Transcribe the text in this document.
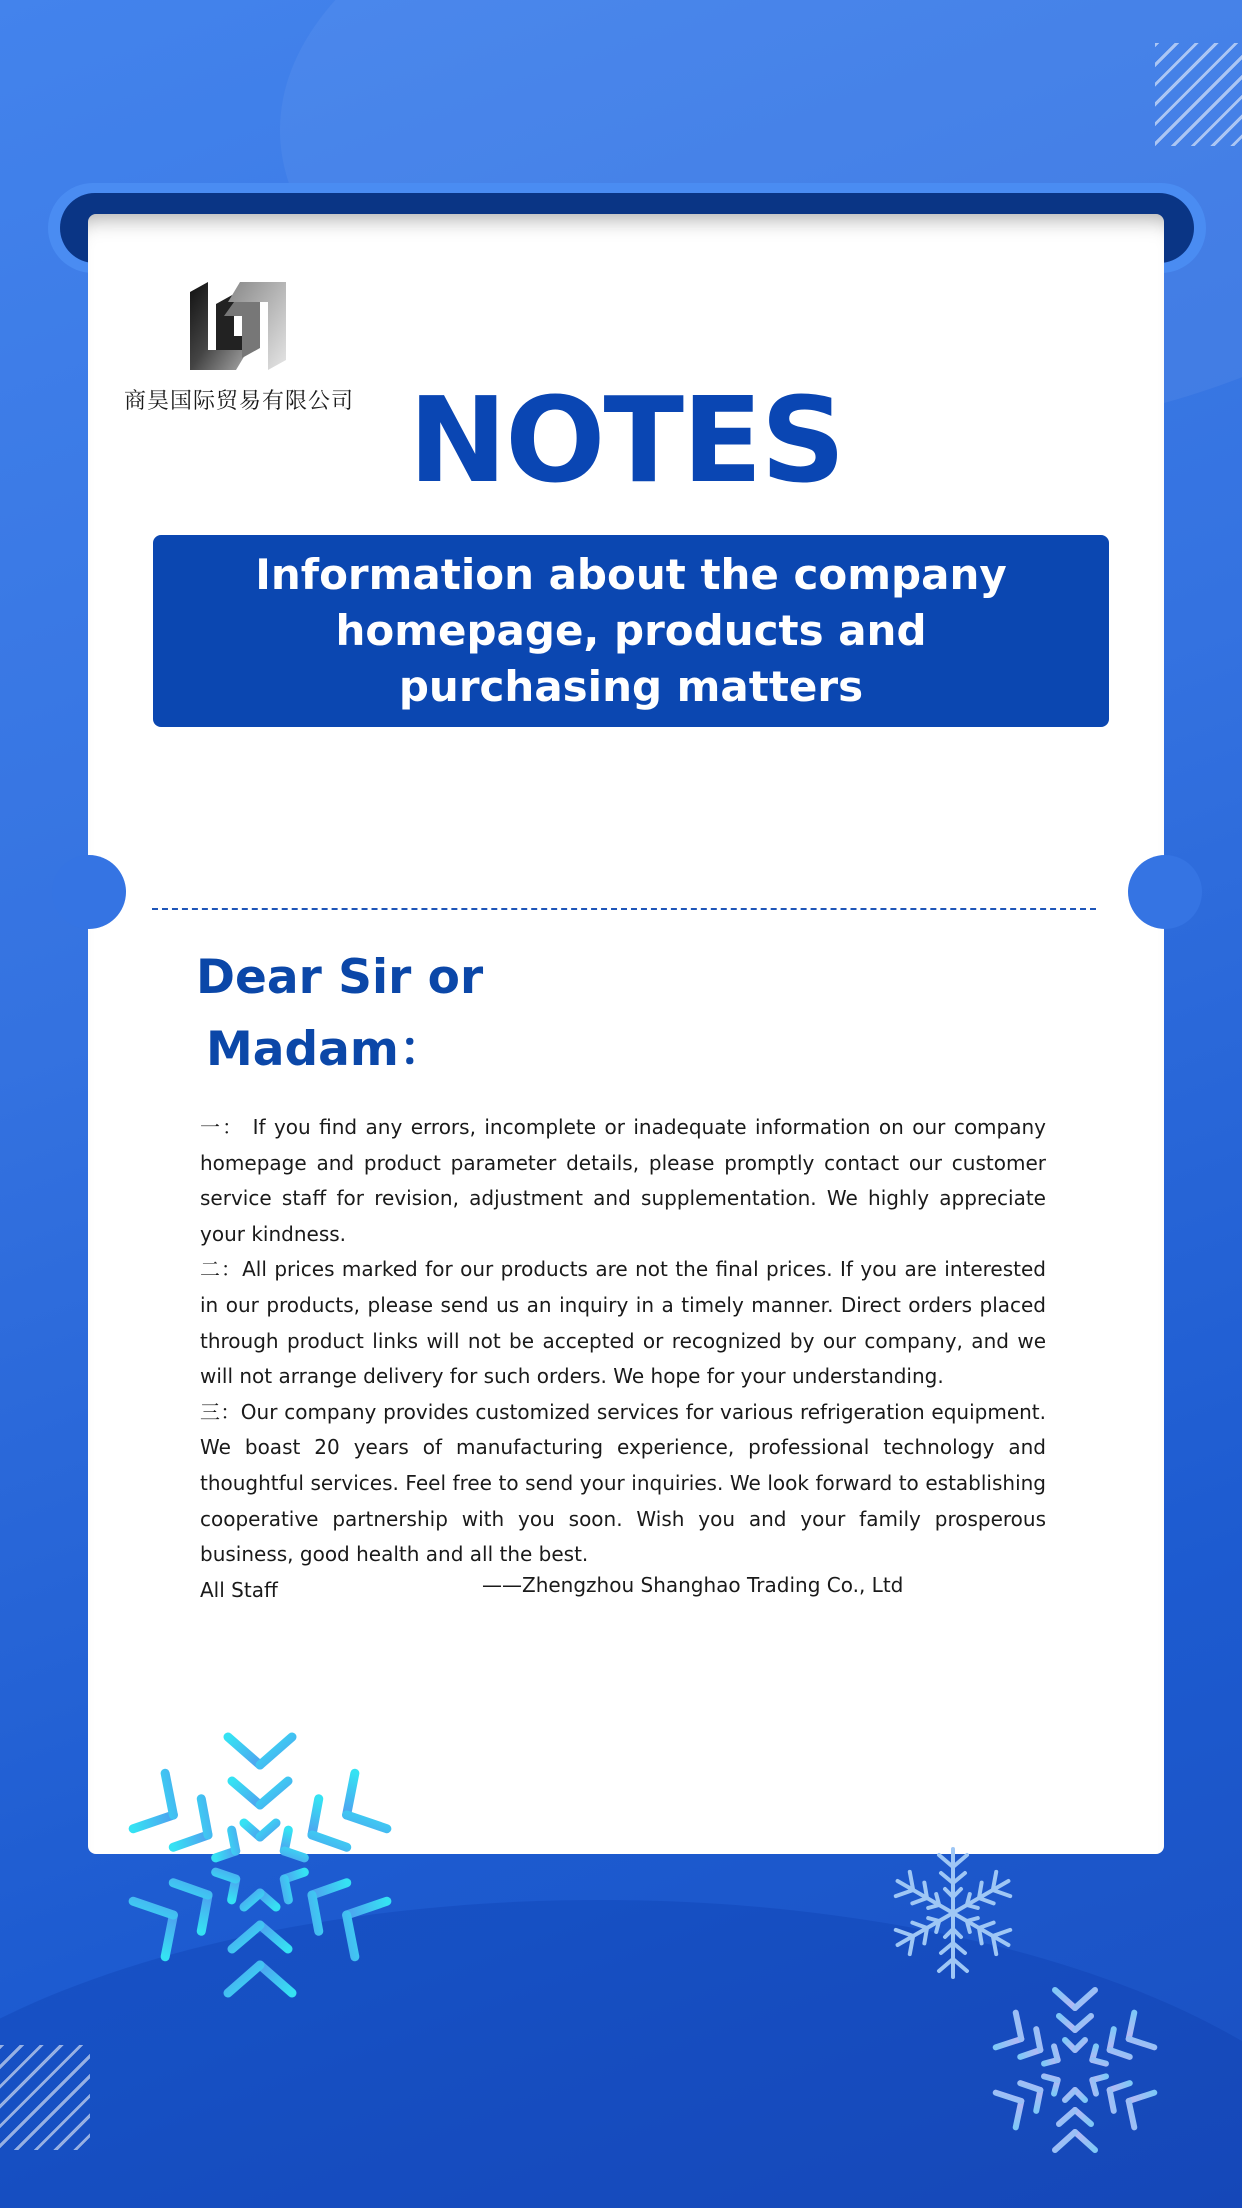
商昊国际贸易有限公司 NOTES
Information about the company homepage, products and purchasing matters
Dear Sir or
Madam：

一： If you find any errors, incomplete or inadequate information on our company homepage and product parameter details, please promptly contact our customer service staff for revision, adjustment and supplementation. We highly appreciate your kindness.

二：All prices marked for our products are not the final prices. If you are interested in our products, please send us an inquiry in a timely manner. Direct orders placed through product links will not be accepted or recognized by our company, and we will not arrange delivery for such orders. We hope for your understanding.

三：Our company provides customized services for various refrigeration equipment. We boast 20 years of manufacturing experience, professional technology and thoughtful services. Feel free to send your inquiries. We look forward to establishing cooperative partnership with you soon. Wish you and your family prosperous business, good health and all the best.

All Staff	——Zhengzhou Shanghao Trading Co., Ltd
